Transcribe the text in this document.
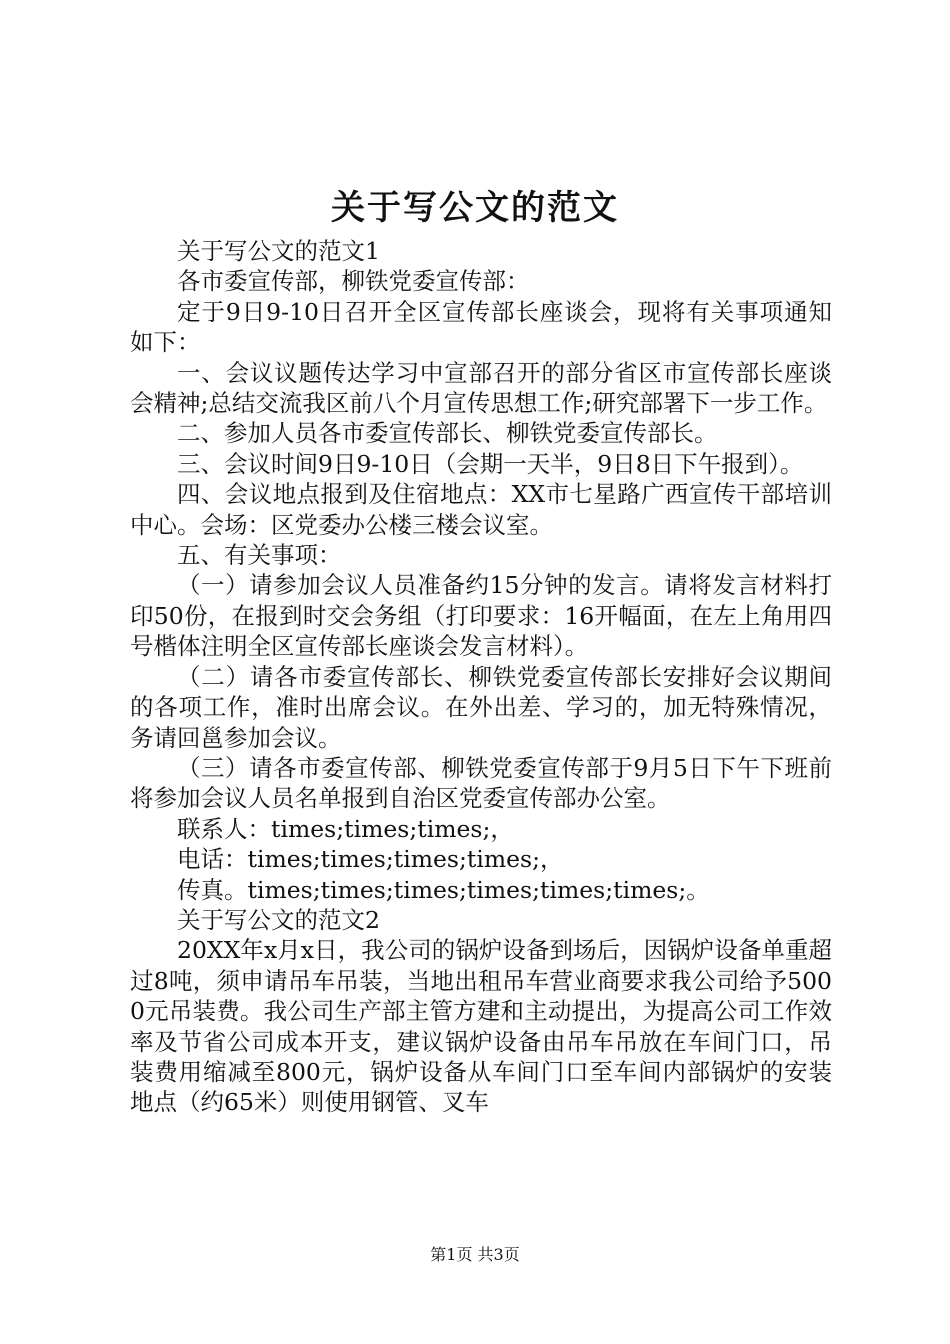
关于写公文的范文

关于写公文的范文1

各市委宣传部，柳铁党委宣传部：

定于9日9-10日召开全区宣传部长座谈会，现将有关事项通知如下：

一、会议议题传达学习中宣部召开的部分省区市宣传部长座谈会精神;总结交流我区前八个月宣传思想工作;研究部署下一步工作。

二、参加人员各市委宣传部长、柳铁党委宣传部长。

三、会议时间9日9-10日（会期一天半，9日8日下午报到）。

四、会议地点报到及住宿地点：XX市七星路广西宣传干部培训中心。会场：区党委办公楼三楼会议室。

五、有关事项：

（一）请参加会议人员准备约15分钟的发言。请将发言材料打印50份，在报到时交会务组（打印要求：16开幅面，在左上角用四号楷体注明全区宣传部长座谈会发言材料）。

（二）请各市委宣传部长、柳铁党委宣传部长安排好会议期间的各项工作，准时出席会议。在外出差、学习的，加无特殊情况，务请回邕参加会议。

（三）请各市委宣传部、柳铁党委宣传部于9月5日下午下班前将参加会议人员名单报到自治区党委宣传部办公室。

联系人：times;times;times;，

电话：times;times;times;times;，

传真。times;times;times;times;times;times;。

关于写公文的范文2

20XX年x月x日，我公司的锅炉设备到场后，因锅炉设备单重超过8吨，须申请吊车吊装，当地出租吊车营业商要求我公司给予5000元吊装费。我公司生产部主管方建和主动提出，为提高公司工作效率及节省公司成本开支，建议锅炉设备由吊车吊放在车间门口，吊装费用缩减至800元，锅炉设备从车间门口至车间内部锅炉的安装地点（约65米）则使用钢管、叉车

第1页 共3页
